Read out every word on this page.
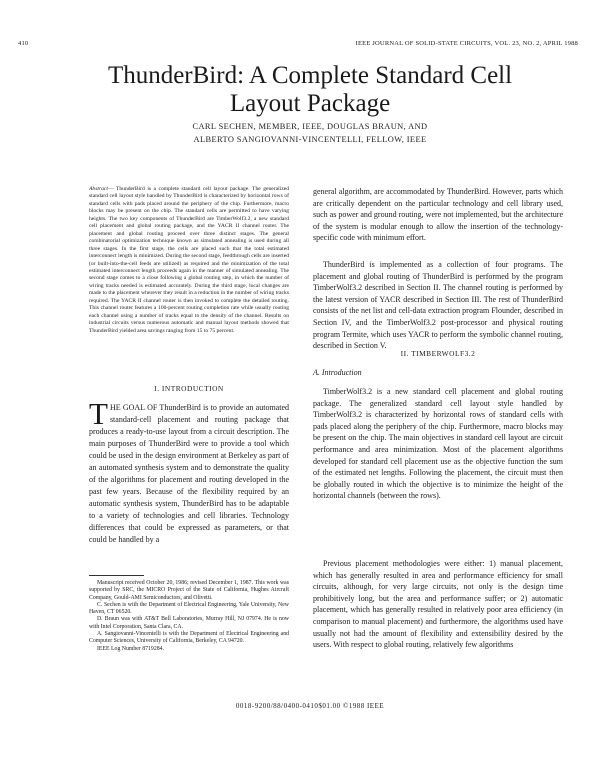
410	IEEE JOURNAL OF SOLID-STATE CIRCUITS, VOL. 23, NO. 2, APRIL 1988
ThunderBird: A Complete Standard Cell
Layout Package
CARL SECHEN, MEMBER, IEEE, DOUGLAS BRAUN, AND
ALBERTO SANGIOVANNI-VINCENTELLI, FELLOW, IEEE
Abstract— ThunderBird is a complete standard cell layout package. The generalized standard cell layout style handled by ThunderBird is characterized by horizontal rows of standard cells with pads placed around the periphery of the chip. Furthermore, macro blocks may be present on the chip. The standard cells are permitted to have varying heights. The two key components of ThunderBird are TimberWolf3.2, a new standard cell placement and global routing package, and the YACR II channel router. The placement and global routing proceed over three distinct stages. The general combinatorial optimization technique known as simulated annealing is used during all three stages. In the first stage, the cells are placed such that the total estimated interconnect length is minimized. During the second stage, feedthrough cells are inserted (or built-into-the-cell feeds are utilized) as required and the minimization of the total estimated interconnect length proceeds again in the manner of simulated annealing. The second stage comes to a close following a global routing step, in which the number of wiring tracks needed is estimated accurately. During the third stage, local changes are made to the placement wherever they result in a reduction in the number of wiring tracks required. The YACR II channel router is then invoked to complete the detailed routing. This channel router features a 100-percent routing completion rate while usually routing each channel using a number of tracks equal to the density of the channel. Results on industrial circuits versus numerous automatic and manual layout methods showed that ThunderBird yielded area savings ranging from 15 to 75 percent.
I. INTRODUCTION
THE GOAL OF ThunderBird is to provide an automated standard-cell placement and routing package that produces a ready-to-use layout from a circuit description. The main purposes of ThunderBird were to provide a tool which could be used in the design environment at Berkeley as part of an automated synthesis system and to demonstrate the quality of the algorithms for placement and routing developed in the past few years. Because of the flexibility required by an automatic synthesis system, ThunderBird has to be adaptable to a variety of technologies and cell libraries. Technology differences that could be expressed as parameters, or that could be handled by a

Manuscript received October 20, 1986; revised December 1, 1987. This work was supported by SRC, the MICRO Project of the State of California, Hughes Aircraft Company, Gould-AMI Semiconductors, and Olivetti.

C. Sechen is with the Department of Electrical Engineering, Yale University, New Haven, CT 06520.

D. Braun was with AT&T Bell Laboratories, Murray Hill, NJ 07974. He is now with Intel Corporation, Santa Clara, CA.

A. Sangiovanni-Vincentelli is with the Department of Electrical Engineering and Computer Sciences, University of California, Berkeley, CA 94720.

IEEE Log Number 8719284.

general algorithm, are accommodated by ThunderBird. However, parts which are critically dependent on the particular technology and cell library used, such as power and ground routing, were not implemented, but the architecture of the system is modular enough to allow the insertion of the technology-specific code with minimum effort.
ThunderBird is implemented as a collection of four programs. The placement and global routing of ThunderBird is performed by the program TimberWolf3.2 described in Section II. The channel routing is performed by the latest version of YACR described in Section III. The rest of ThunderBird consists of the net list and cell-data extraction program Flounder, described in Section IV, and the TimberWolf3.2 post-processor and physical routing program Termite, which uses YACR to perform the symbolic channel routing, described in Section V.
II. TIMBERWOLF3.2
A. Introduction
TimberWolf3.2 is a new standard cell placement and global routing package. The generalized standard cell layout style handled by TimberWolf3.2 is characterized by horizontal rows of standard cells with pads placed along the periphery of the chip. Furthermore, macro blocks may be present on the chip. The main objectives in standard cell layout are circuit performance and area minimization. Most of the placement algorithms developed for standard cell placement use as the objective function the sum of the estimated net lengths. Following the placement, the circuit must then be globally routed in which the objective is to minimize the height of the horizontal channels (between the rows).
Previous placement methodologies were either: 1) manual placement, which has generally resulted in area and performance efficiency for small circuits, although, for very large circuits, not only is the design time prohibitively long, but the area and performance suffer; or 2) automatic placement, which has generally resulted in relatively poor area efficiency (in comparison to manual placement) and furthermore, the algorithms used have usually not had the amount of flexibility and extensibility desired by the users. With respect to global routing, relatively few algorithms
0018-9200/88/0400-0410$01.00 ©1988 IEEE
